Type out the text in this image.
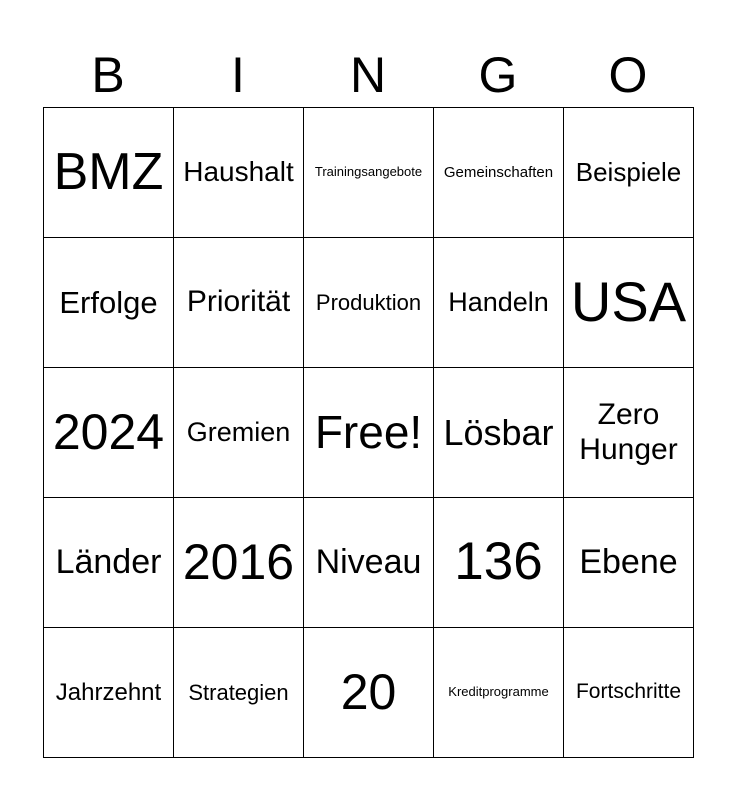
B	I	N	G	O
BMZ Haushalt Trainingsangebote Gemeinschaften Beispiele
Erfolge Priorität Produktion Handeln USA
2024 Gremien Free! Lösbar	Zero Hunger
Länder 2016 Niveau 136 Ebene
Jahrzehnt Strategien 20	Kreditprogramme Fortschritte
